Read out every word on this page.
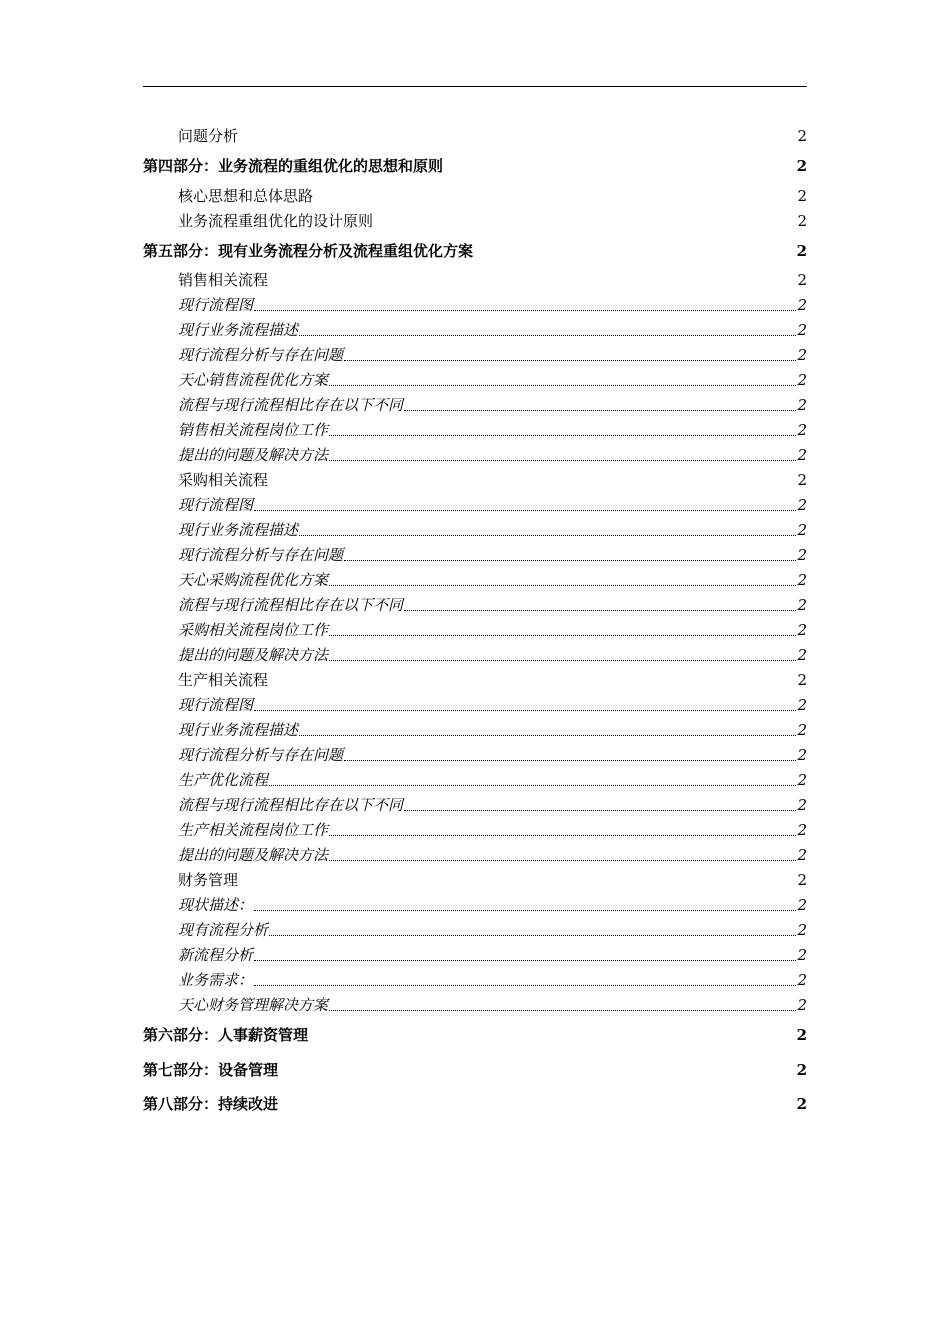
问题分析	2
第四部分：业务流程的重组优化的思想和原则	2
核心思想和总体思路	2
业务流程重组优化的设计原则	2
第五部分：现有业务流程分析及流程重组优化方案	2
销售相关流程	2
现行流程图	2
现行业务流程描述	2
现行流程分析与存在问题	2
天心销售流程优化方案	2
流程与现行流程相比存在以下不同	2
销售相关流程岗位工作	2
提出的问题及解决方法	2
采购相关流程	2
现行流程图	2
现行业务流程描述	2
现行流程分析与存在问题	2
天心采购流程优化方案	2
流程与现行流程相比存在以下不同	2
采购相关流程岗位工作	2
提出的问题及解决方法	2
生产相关流程	2
现行流程图	2
现行业务流程描述	2
现行流程分析与存在问题	2
生产优化流程	2
流程与现行流程相比存在以下不同	2
生产相关流程岗位工作	2
提出的问题及解决方法	2
财务管理	2
现状描述：	2
现有流程分析	2
新流程分析	2
业务需求：	2
天心财务管理解决方案	2
第六部分：人事薪资管理	2
第七部分：设备管理	2
第八部分：持续改进	2
